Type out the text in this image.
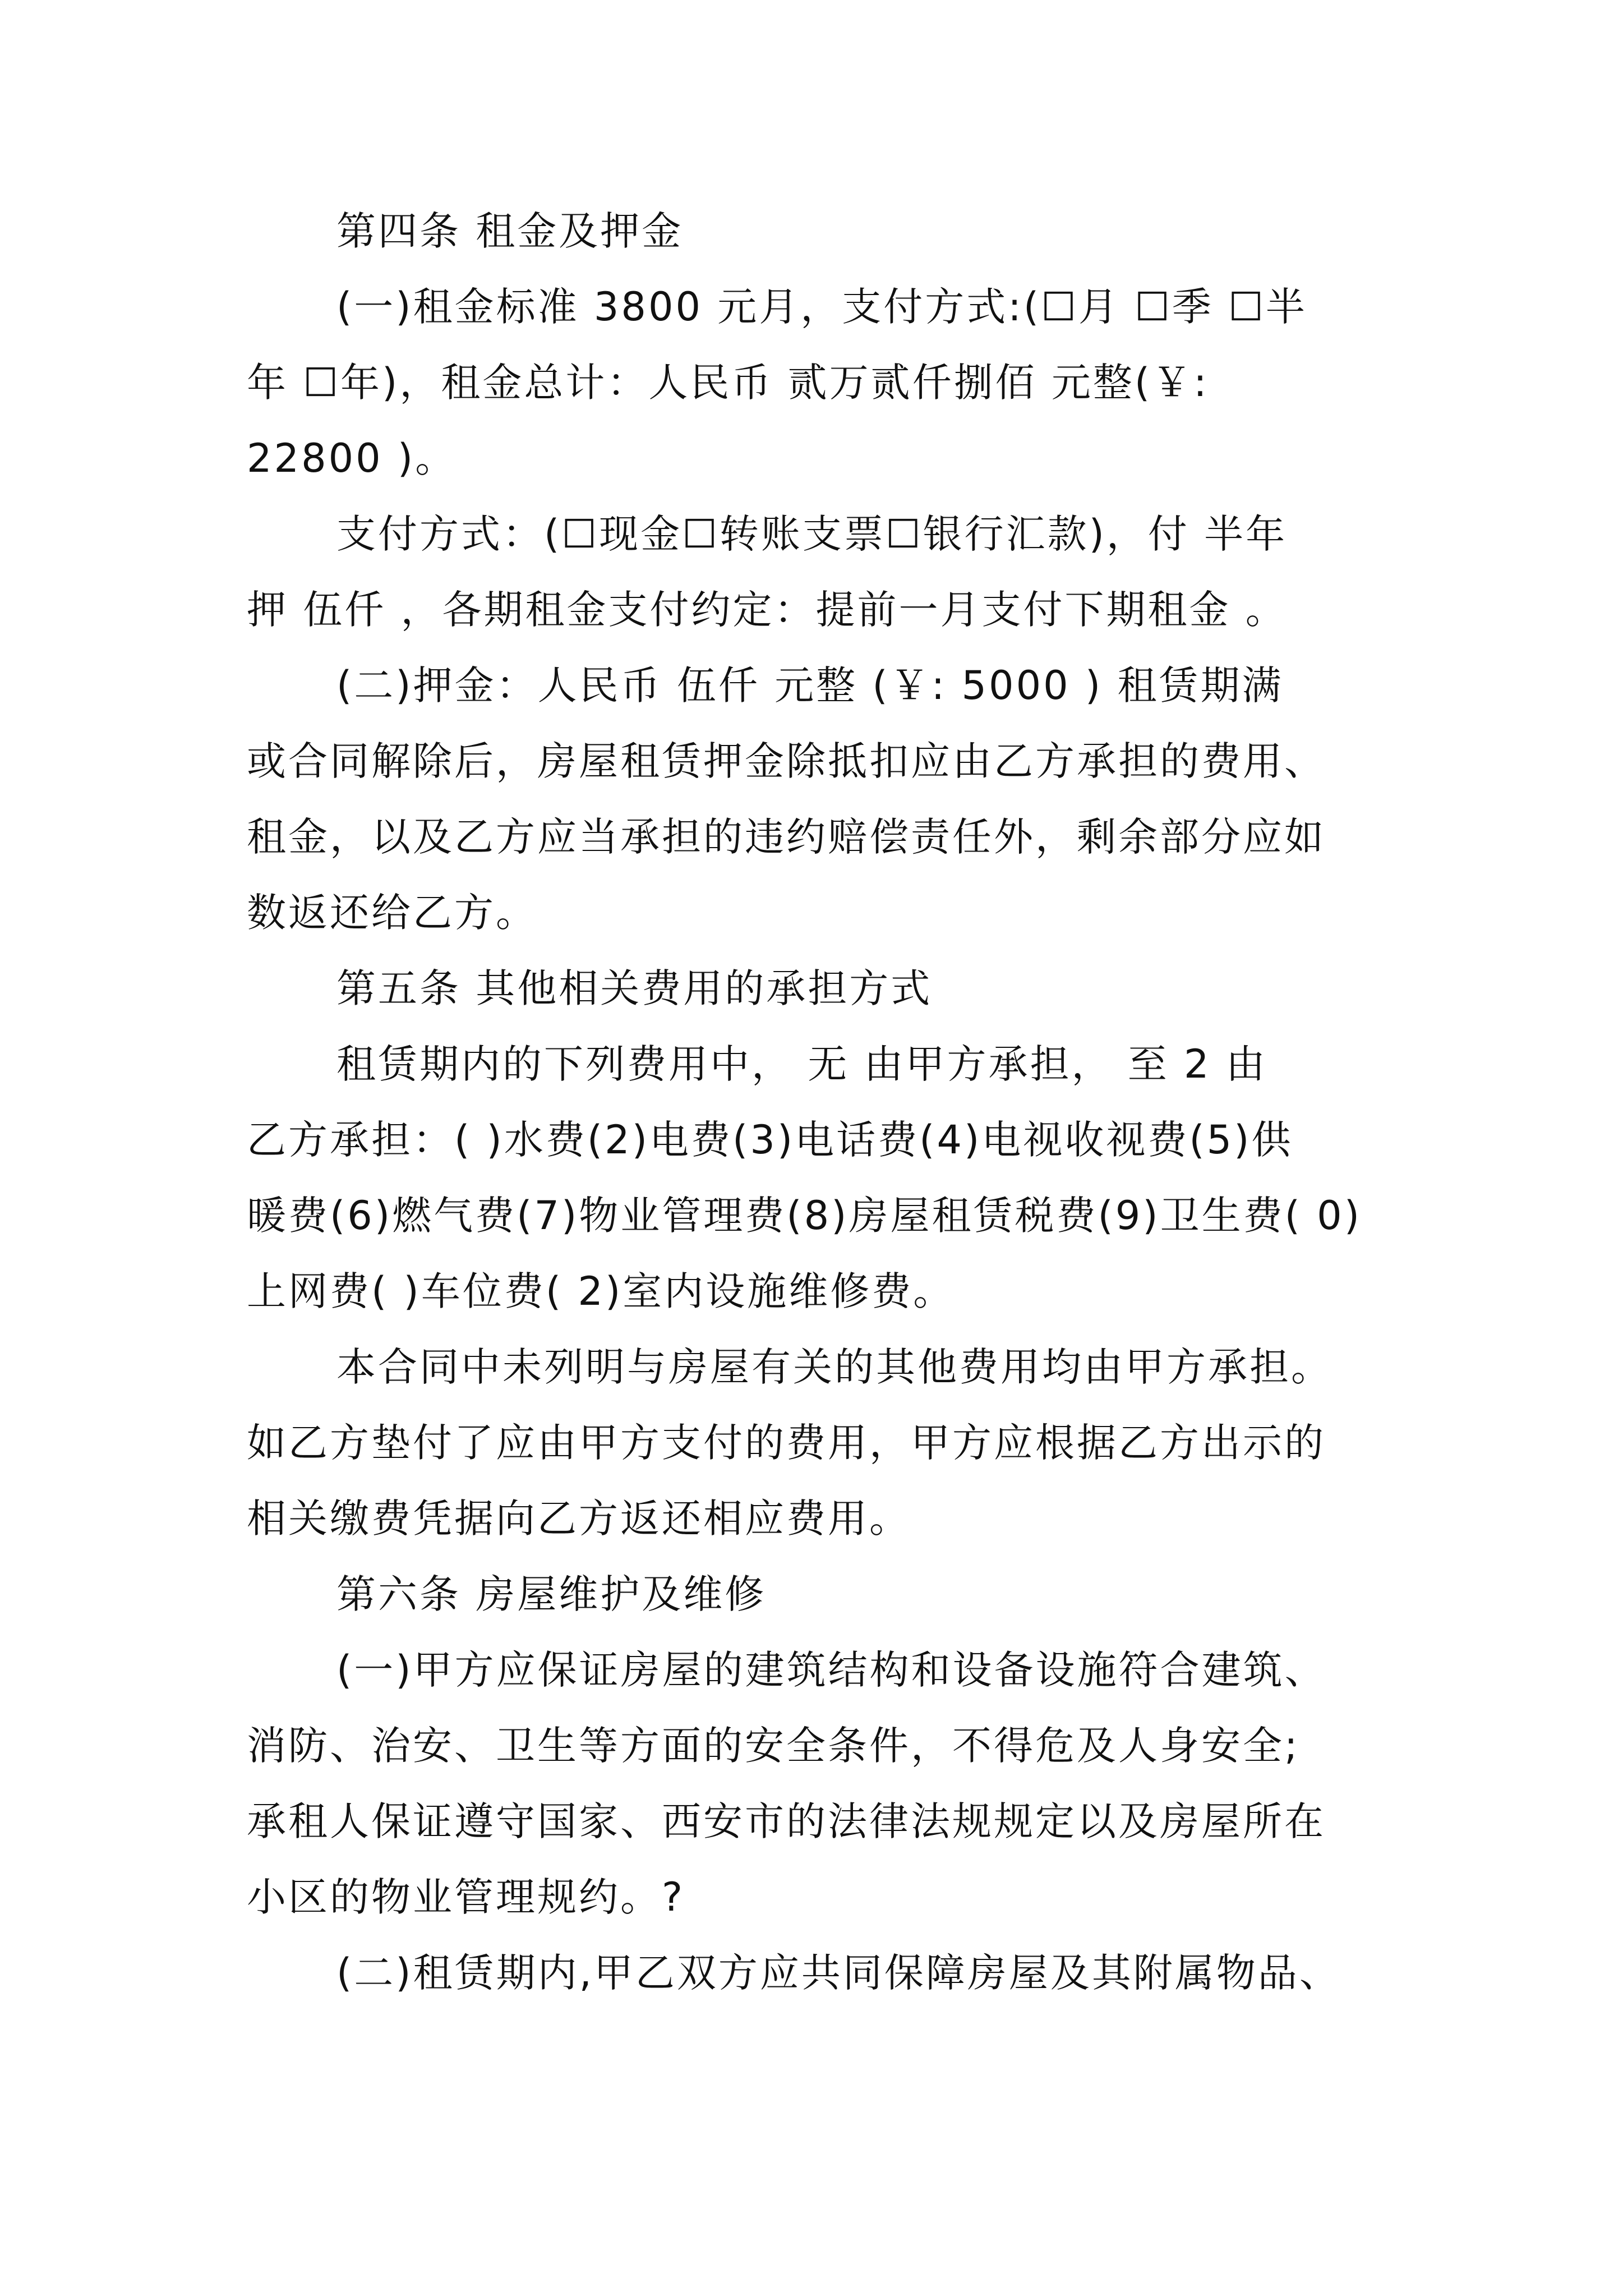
第四条 租金及押金
(一)租金标准 3800 元月，支付方式:(☐月 ☐季 ☐半
年 ☐年)，租金总计：人民币 贰万贰仟捌佰 元整(￥:
22800 )。
支付方式：(☐现金☐转账支票☐银行汇款)，付 半年
押 伍仟 ，各期租金支付约定：提前一月支付下期租金 。
(二)押金：人民币 伍仟 元整 (￥: 5000 ) 租赁期满
或合同解除后，房屋租赁押金除抵扣应由乙方承担的费用、
租金，以及乙方应当承担的违约赔偿责任外，剩余部分应如
数返还给乙方。
第五条 其他相关费用的承担方式
租赁期内的下列费用中， 无 由甲方承担， 至 2 由
乙方承担：( )水费(2)电费(3)电话费(4)电视收视费(5)供
暖费(6)燃气费(7)物业管理费(8)房屋租赁税费(9)卫生费( 0)
上网费( )车位费( 2)室内设施维修费。
本合同中未列明与房屋有关的其他费用均由甲方承担。
如乙方垫付了应由甲方支付的费用，甲方应根据乙方出示的
相关缴费凭据向乙方返还相应费用。
第六条 房屋维护及维修
(一)甲方应保证房屋的建筑结构和设备设施符合建筑、
消防、治安、卫生等方面的安全条件，不得危及人身安全;
承租人保证遵守国家、西安市的法律法规规定以及房屋所在
小区的物业管理规约。?
(二)租赁期内,甲乙双方应共同保障房屋及其附属物品、
